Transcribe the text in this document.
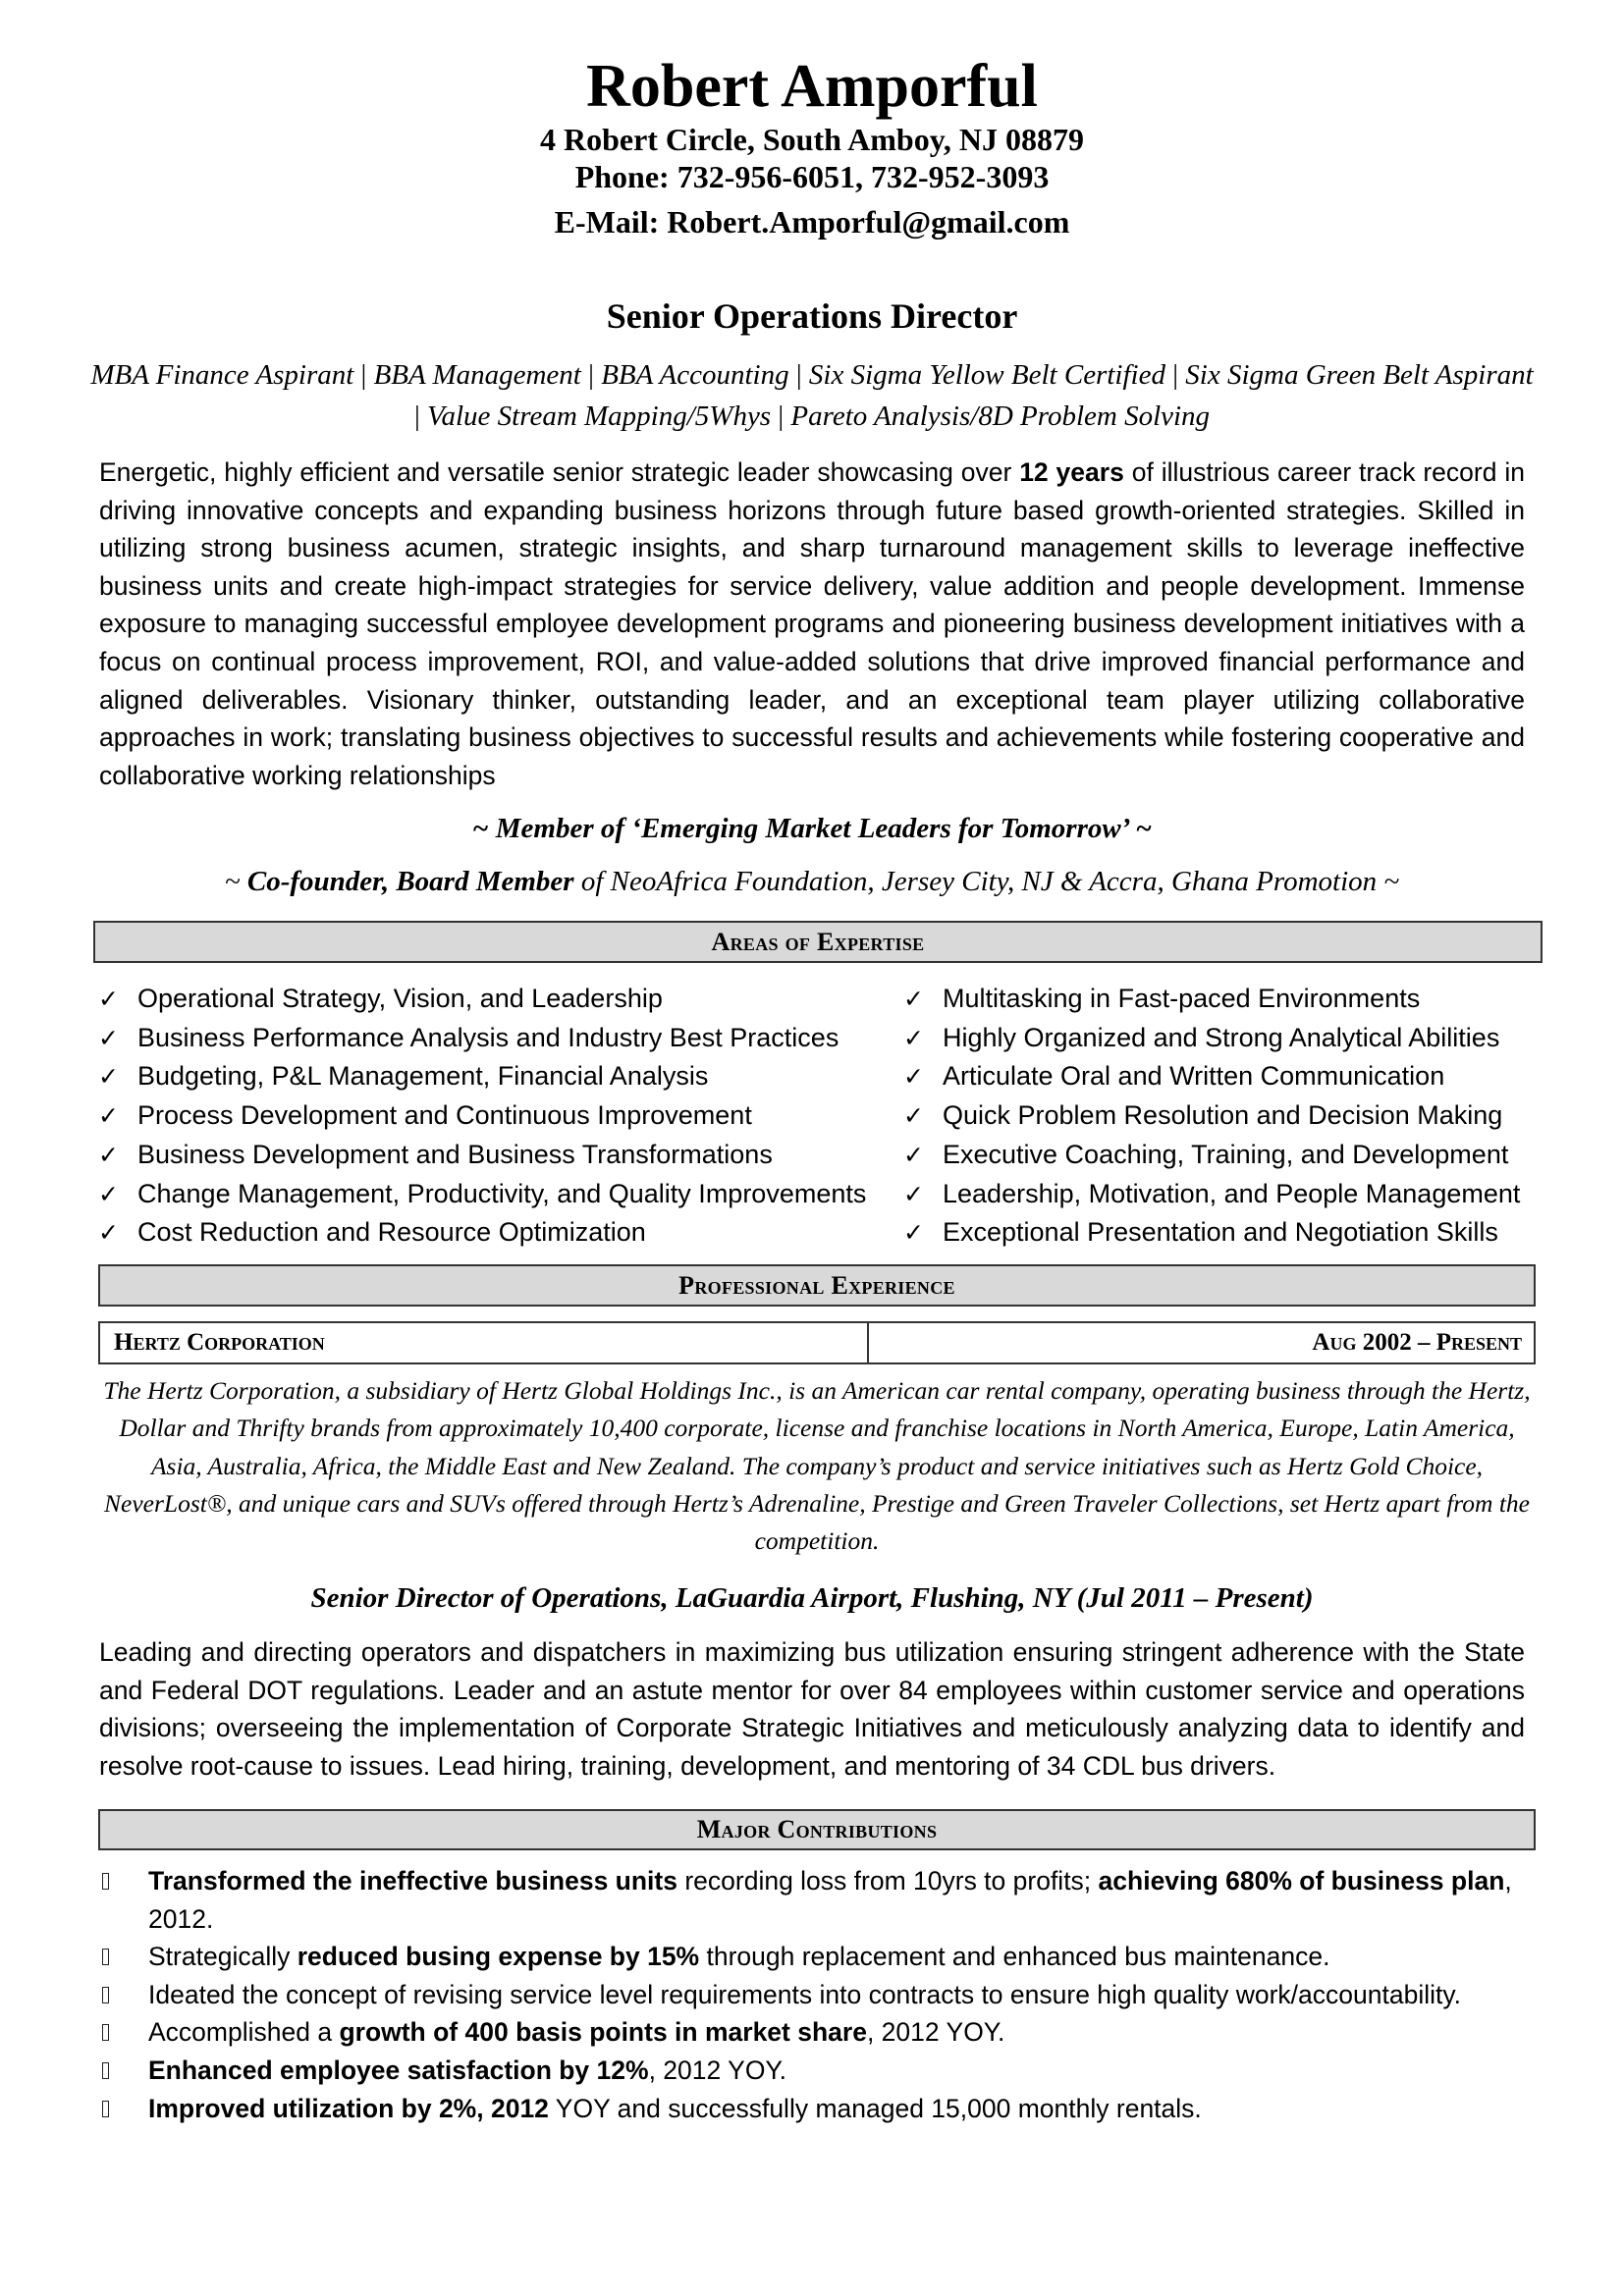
Robert Amporful
4 Robert Circle, South Amboy, NJ 08879
Phone: 732-956-6051, 732-952-3093
E-Mail: Robert.Amporful@gmail.com
Senior Operations Director
MBA Finance Aspirant | BBA Management | BBA Accounting | Six Sigma Yellow Belt Certified | Six Sigma Green Belt Aspirant | Value Stream Mapping/5Whys | Pareto Analysis/8D Problem Solving
Energetic, highly efficient and versatile senior strategic leader showcasing over 12 years of illustrious career track record in driving innovative concepts and expanding business horizons through future based growth-oriented strategies. Skilled in utilizing strong business acumen, strategic insights, and sharp turnaround management skills to leverage ineffective business units and create high-impact strategies for service delivery, value addition and people development. Immense exposure to managing successful employee development programs and pioneering business development initiatives with a focus on continual process improvement, ROI, and value-added solutions that drive improved financial performance and aligned deliverables. Visionary thinker, outstanding leader, and an exceptional team player utilizing collaborative approaches in work; translating business objectives to successful results and achievements while fostering cooperative and collaborative working relationships
~ Member of ‘Emerging Market Leaders for Tomorrow’ ~
~ Co-founder, Board Member of NeoAfrica Foundation, Jersey City, NJ & Accra, Ghana Promotion ~
Areas of Expertise
✓ Operational Strategy, Vision, and Leadership
✓ Business Performance Analysis and Industry Best Practices
✓ Budgeting, P&L Management, Financial Analysis
✓ Process Development and Continuous Improvement
✓ Business Development and Business Transformations
✓ Change Management, Productivity, and Quality Improvements
✓ Cost Reduction and Resource Optimization
✓ Multitasking in Fast-paced Environments
✓ Highly Organized and Strong Analytical Abilities
✓ Articulate Oral and Written Communication
✓ Quick Problem Resolution and Decision Making
✓ Executive Coaching, Training, and Development
✓ Leadership, Motivation, and People Management
✓ Exceptional Presentation and Negotiation Skills
Professional Experience
Hertz Corporation	Aug 2002 – Present
The Hertz Corporation, a subsidiary of Hertz Global Holdings Inc., is an American car rental company, operating business through the Hertz, Dollar and Thrifty brands from approximately 10,400 corporate, license and franchise locations in North America, Europe, Latin America, Asia, Australia, Africa, the Middle East and New Zealand. The company’s product and service initiatives such as Hertz Gold Choice, NeverLost®, and unique cars and SUVs offered through Hertz’s Adrenaline, Prestige and Green Traveler Collections, set Hertz apart from the competition.
Senior Director of Operations, LaGuardia Airport, Flushing, NY (Jul 2011 – Present)
Leading and directing operators and dispatchers in maximizing bus utilization ensuring stringent adherence with the State and Federal DOT regulations. Leader and an astute mentor for over 84 employees within customer service and operations divisions; overseeing the implementation of Corporate Strategic Initiatives and meticulously analyzing data to identify and resolve root-cause to issues. Lead hiring, training, development, and mentoring of 34 CDL bus drivers.
Major Contributions
Transformed the ineffective business units recording loss from 10yrs to profits; achieving 680% of business plan, 2012.
Strategically reduced busing expense by 15% through replacement and enhanced bus maintenance.
Ideated the concept of revising service level requirements into contracts to ensure high quality work/accountability.
Accomplished a growth of 400 basis points in market share, 2012 YOY.
Enhanced employee satisfaction by 12%, 2012 YOY.
Improved utilization by 2%, 2012 YOY and successfully managed 15,000 monthly rentals.
